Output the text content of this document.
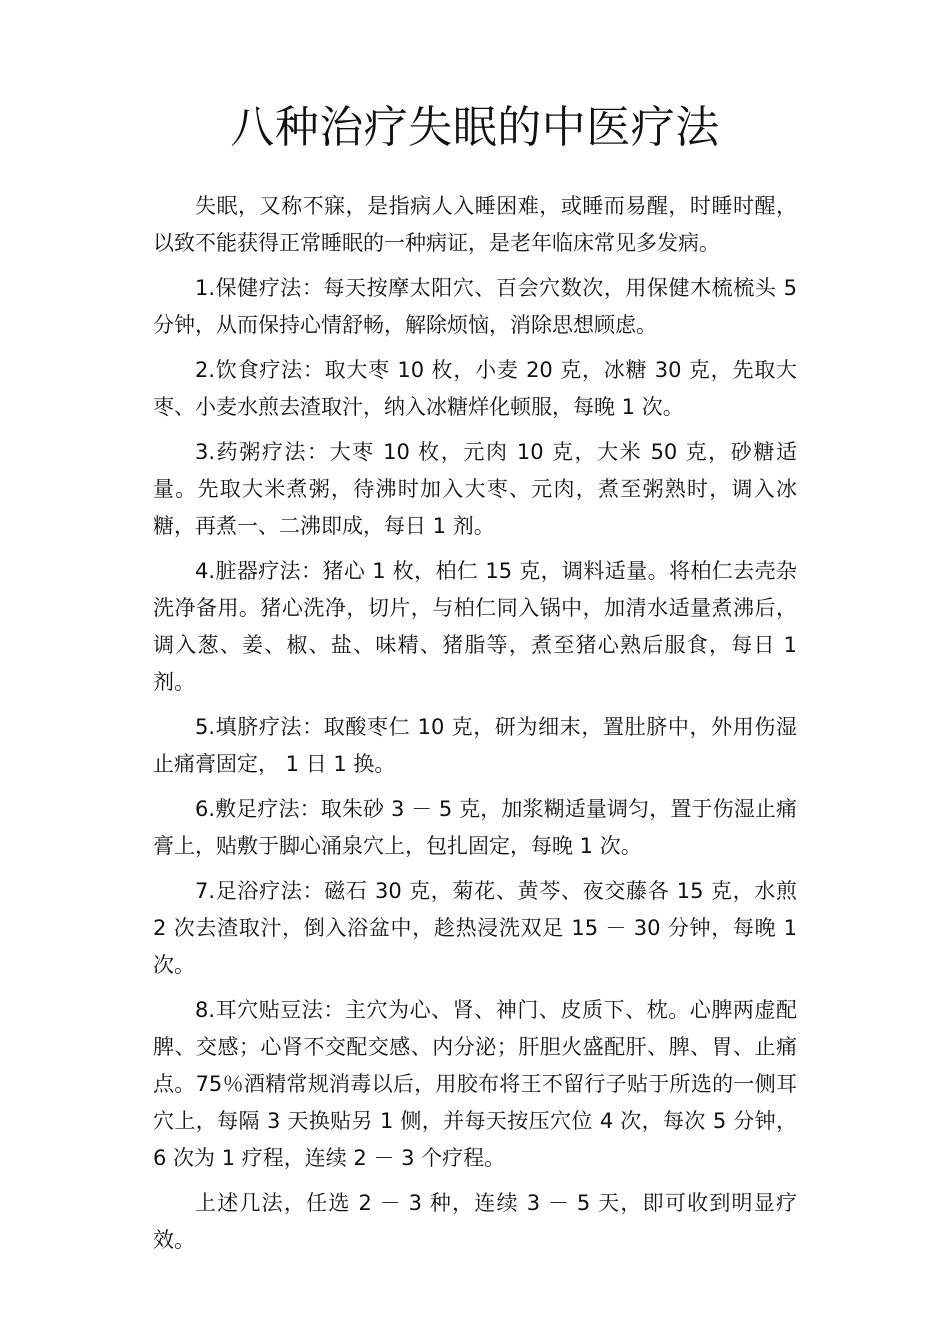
八种治疗失眠的中医疗法

失眠，又称不寐，是指病人入睡困难，或睡而易醒，时睡时醒，以致不能获得正常睡眠的一种病证，是老年临床常见多发病。

1.保健疗法：每天按摩太阳穴、百会穴数次，用保健木梳梳头 5 分钟，从而保持心情舒畅，解除烦恼，消除思想顾虑。

2.饮食疗法：取大枣 10 枚，小麦 20 克，冰糖 30 克，先取大枣、小麦水煎去渣取汁，纳入冰糖烊化顿服，每晚 1 次。

3.药粥疗法：大枣 10 枚，元肉 10 克，大米 50 克，砂糖适量。先取大米煮粥，待沸时加入大枣、元肉，煮至粥熟时，调入冰糖，再煮一、二沸即成，每日 1 剂。

4.脏器疗法：猪心 1 枚，柏仁 15 克，调料适量。将柏仁去壳杂洗净备用。猪心洗净，切片，与柏仁同入锅中，加清水适量煮沸后，调入葱、姜、椒、盐、味精、猪脂等，煮至猪心熟后服食，每日 1 剂。

5.填脐疗法：取酸枣仁 10 克，研为细末，置肚脐中，外用伤湿止痛膏固定， 1 日 1 换。

6.敷足疗法：取朱砂 3 － 5 克，加浆糊适量调匀，置于伤湿止痛膏上，贴敷于脚心涌泉穴上，包扎固定，每晚 1 次。

7.足浴疗法：磁石 30 克，菊花、黄芩、夜交藤各 15 克，水煎 2 次去渣取汁，倒入浴盆中，趁热浸洗双足 15 － 30 分钟，每晚 1 次。

8.耳穴贴豆法：主穴为心、肾、神门、皮质下、枕。心脾两虚配脾、交感；心肾不交配交感、内分泌；肝胆火盛配肝、脾、胃、止痛点。75％酒精常规消毒以后，用胶布将王不留行子贴于所选的一侧耳穴上，每隔 3 天换贴另 1 侧，并每天按压穴位 4 次，每次 5 分钟， 6 次为 1 疗程，连续 2 － 3 个疗程。

上述几法，任选 2 － 3 种，连续 3 － 5 天，即可收到明显疗效。
